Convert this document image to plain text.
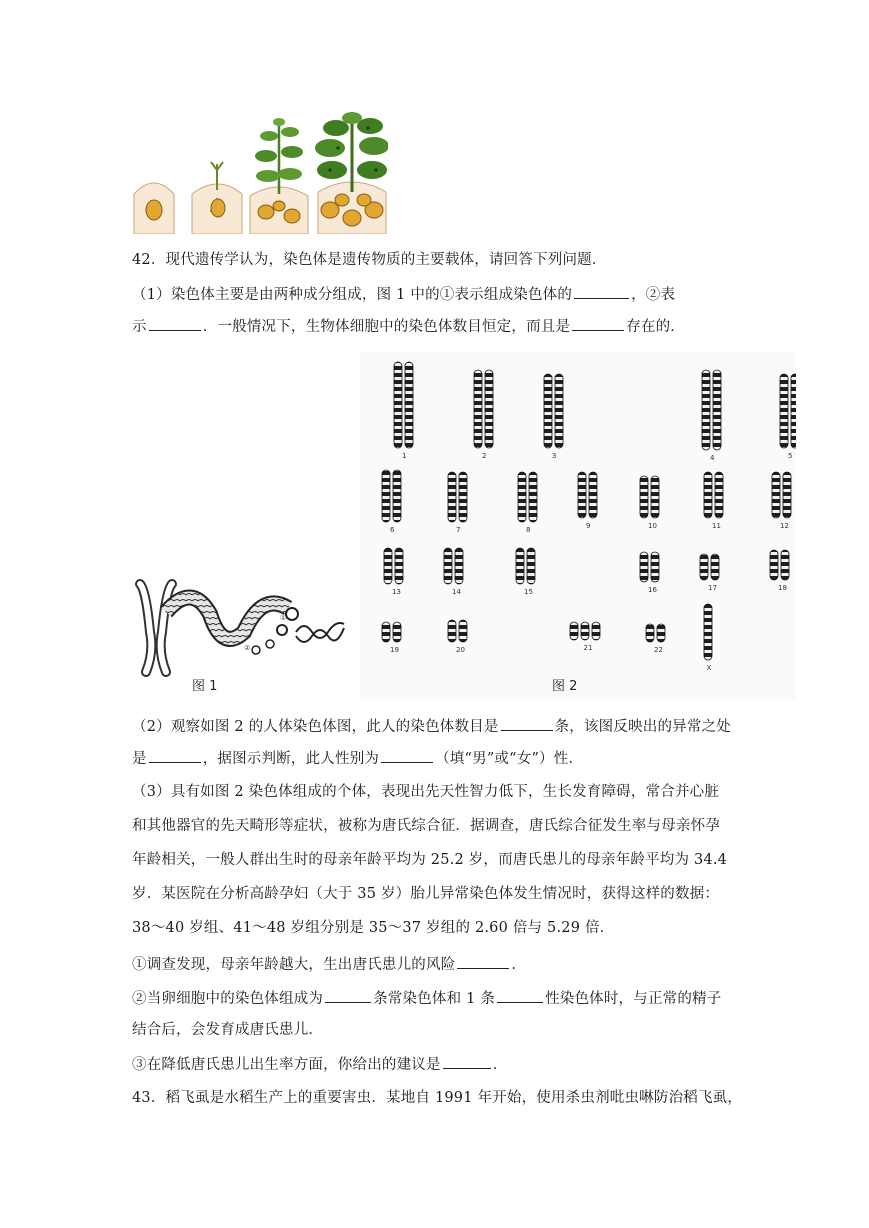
42．现代遗传学认为，染色体是遗传物质的主要载体，请回答下列问题．
（1）染色体主要是由两种成分组成，图 1 中的①表示组成染色体的	，②表
示	．一般情况下，生物体细胞中的染色体数目恒定，而且是	存在的．
①
②
图 1
1	2	3	4	5
6	7	8	9	10	11	12
13	14	15	16	17	18
19	20	21	22
X
图 2
（2）观察如图 2 的人体染色体图，此人的染色体数目是	条，该图反映出的异常之处
是	，据图示判断，此人性别为	（填“男”或“女”）性．
（3）具有如图 2 染色体组成的个体，表现出先天性智力低下，生长发育障碍，常合并心脏
和其他器官的先天畸形等症状，被称为唐氏综合征．据调查，唐氏综合征发生率与母亲怀孕
年龄相关，一般人群出生时的母亲年龄平均为 25.2 岁，而唐氏患儿的母亲年龄平均为 34.4
岁．某医院在分析高龄孕妇（大于 35 岁）胎儿异常染色体发生情况时，获得这样的数据：
38～40 岁组、41～48 岁组分别是 35～37 岁组的 2.60 倍与 5.29 倍．
①调查发现，母亲年龄越大，生出唐氏患儿的风险	．
②当卵细胞中的染色体组成为	条常染色体和 1 条	性染色体时，与正常的精子
结合后，会发育成唐氏患儿．
③在降低唐氏患儿出生率方面，你给出的建议是	．
43．稻飞虱是水稻生产上的重要害虫．某地自 1991 年开始，使用杀虫剂吡虫啉防治稻飞虱，
